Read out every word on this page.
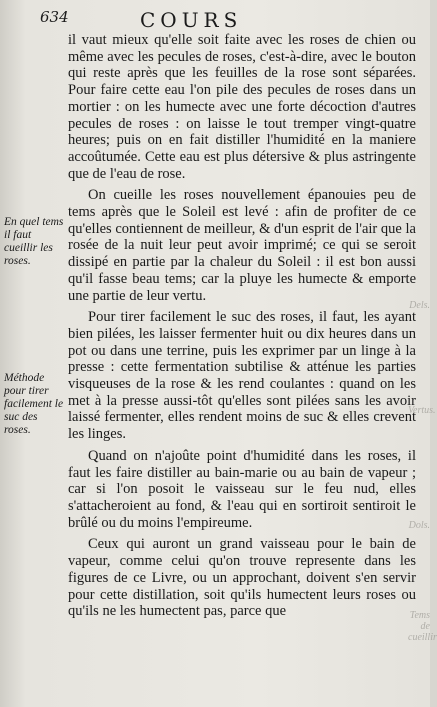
634	COURS

il vaut mieux qu'elle soit faite avec les roses de chien ou même avec les pecules de roses, c'est-à-dire, avec le bouton qui reste après que les feuilles de la rose sont séparées. Pour faire cette eau l'on pile des pecules de roses dans un mortier : on les humecte avec une forte décoction d'autres pecules de roses : on laisse le tout tremper vingt-quatre heures; puis on en fait distiller l'humidité en la maniere accoûtumée. Cette eau est plus détersive & plus astringente que de l'eau de rose.

On cueille les roses nouvellement épanouies peu de tems après que le Soleil est levé : afin de profiter de ce qu'elles contiennent de meilleur, & d'un esprit de l'air que la rosée de la nuit leur peut avoir imprimé; ce qui se seroit dissipé en partie par la chaleur du Soleil : il est bon aussi qu'il fasse beau tems; car la pluye les humecte & emporte une partie de leur vertu.

Pour tirer facilement le suc des roses, il faut, les ayant bien pilées, les laisser fermenter huit ou dix heures dans un pot ou dans une terrine, puis les exprimer par un linge à la presse : cette fermentation subtilise & atténue les parties visqueuses de la rose & les rend coulantes : quand on les met à la presse aussi-tôt qu'elles sont pilées sans les avoir laissé fermenter, elles rendent moins de suc & elles crevent les linges.

Quand on n'ajoûte point d'humidité dans les roses, il faut les faire distiller au bain-marie ou au bain de vapeur ; car si l'on posoit le vaisseau sur le feu nud, elles s'attacheroient au fond, & l'eau qui en sortiroit sentiroit le brûlé ou du moins l'empireume.

Ceux qui auront un grand vaisseau pour le bain de vapeur, comme celui qu'on trouve represente dans les figures de ce Livre, ou un approchant, doivent s'en servir pour cette distillation, soit qu'ils humectent leurs roses ou qu'ils ne les humectent pas, parce que

En quel tems il faut cueillir les roses.
Méthode pour tirer facilement le suc des roses.
Dels.
Vertus.
Dols.
Tems de cueillir
